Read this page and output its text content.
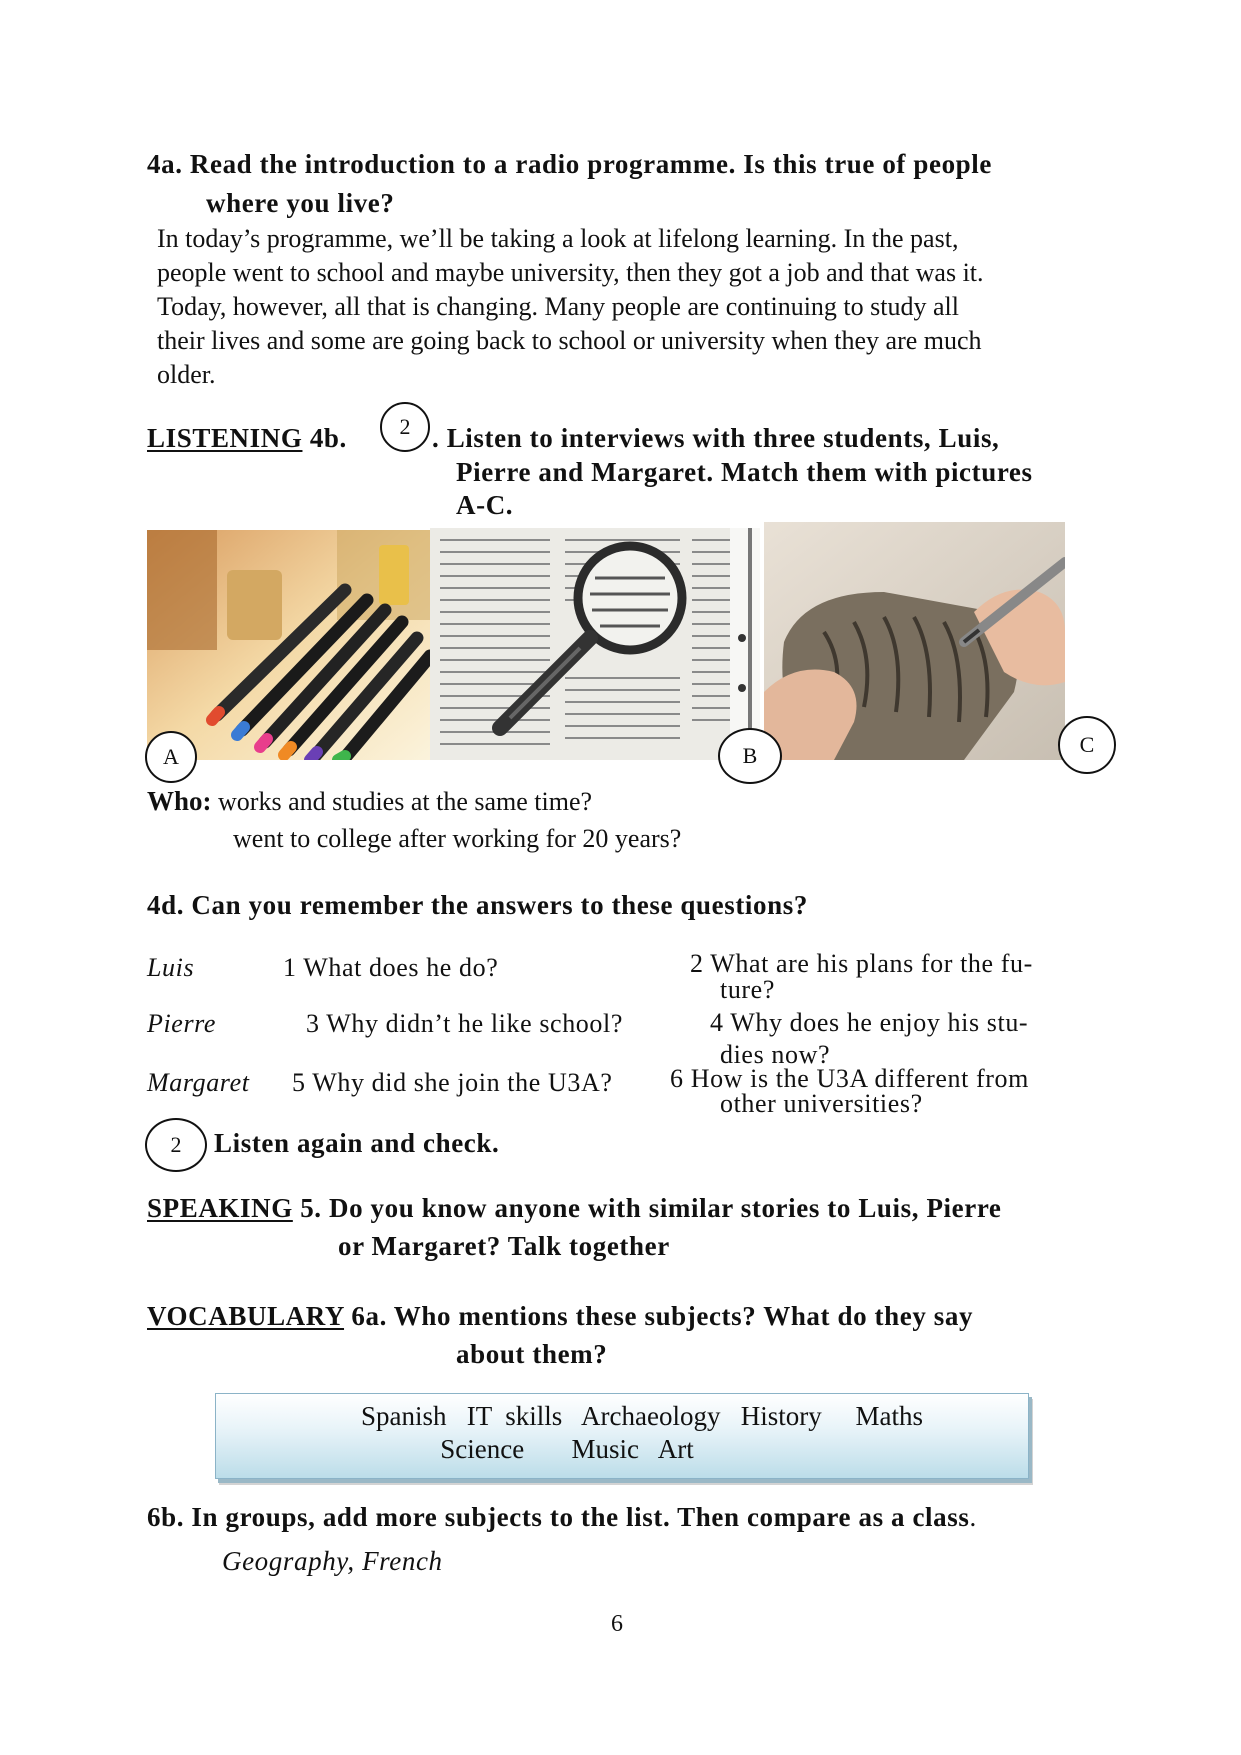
4a. Read the introduction to a radio programme. Is this true of people
where you live?
In today’s programme, we’ll be taking a look at lifelong learning. In the past,
people went to school and maybe university, then they got a job and that was it.
Today, however, all that is changing. Many people are continuing to study all
their lives and some are going back to school or university when they are much
older.
LISTENING 4b. 2 . Listen to interviews with three students, Luis,
Pierre and Margaret. Match them with pictures
A-C.
A	B	C
Who: works and studies at the same time?
went to college after working for 20 years?
4d. Can you remember the answers to these questions?
Luis	1 What does he do?	2 What are his plans for the fu-
ture?
Pierre	3 Why didn’t he like school?	4 Why does he enjoy his stu-
dies now?
Margaret 5 Why did she join the U3A? 6 How is the U3A different from
other universities?
2 Listen again and check.
SPEAKING 5. Do you know anyone with similar stories to Luis, Pierre
or Margaret? Talk together
VOCABULARY 6a. Who mentions these subjects? What do they say
about them?
Spanish IT  skills Archaeology History Maths
Science Music Art
6b. In groups, add more subjects to the list. Then compare as a class.
Geography, French
6
